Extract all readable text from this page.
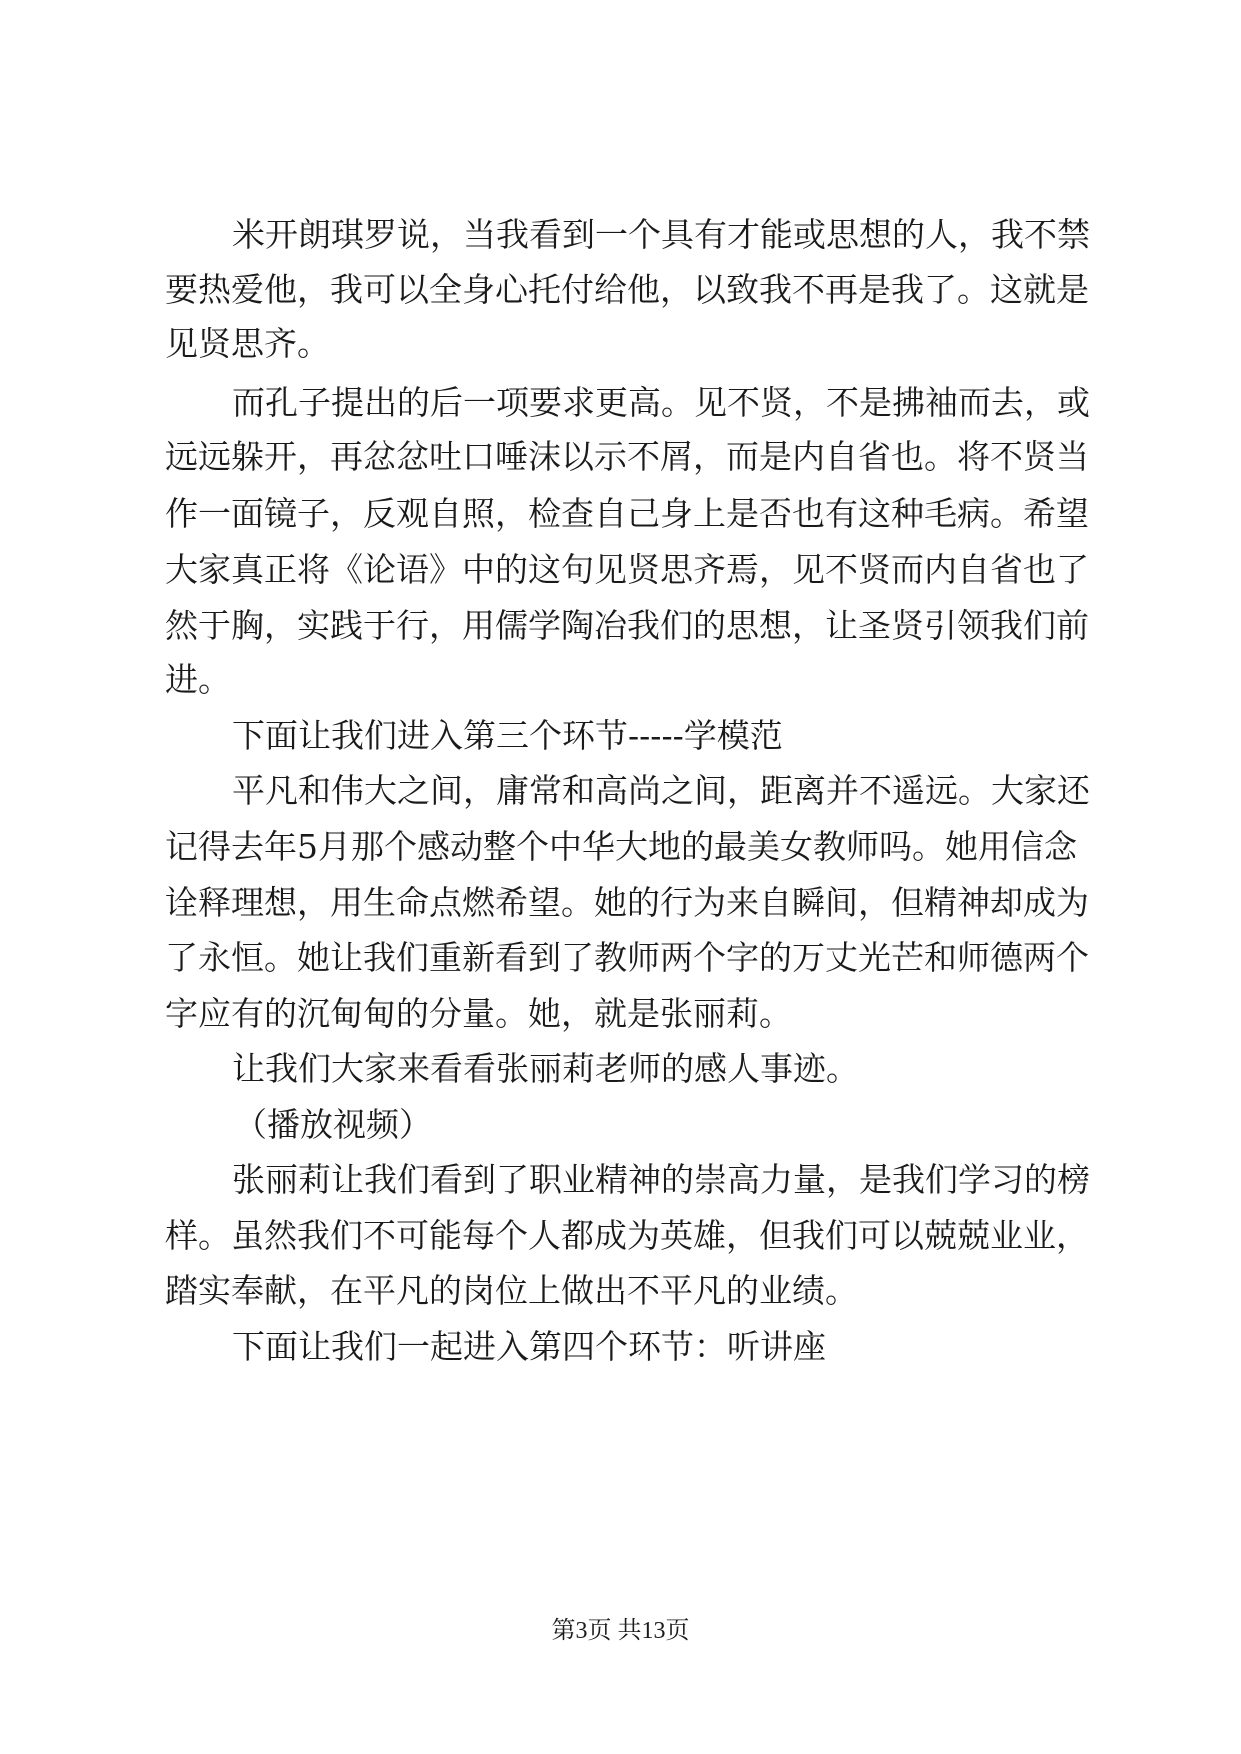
米开朗琪罗说，当我看到一个具有才能或思想的人，我不禁

要热爱他，我可以全身心托付给他，以致我不再是我了。这就是

见贤思齐。

而孔子提出的后一项要求更高。见不贤，不是拂袖而去，或

远远躲开，再忿忿吐口唾沫以示不屑，而是内自省也。将不贤当

作一面镜子，反观自照，检查自己身上是否也有这种毛病。希望

大家真正将《论语》中的这句见贤思齐焉，见不贤而内自省也了

然于胸，实践于行，用儒学陶冶我们的思想，让圣贤引领我们前

进。

下面让我们进入第三个环节-----学模范

平凡和伟大之间，庸常和高尚之间，距离并不遥远。大家还

记得去年5月那个感动整个中华大地的最美女教师吗。她用信念

诠释理想，用生命点燃希望。她的行为来自瞬间，但精神却成为

了永恒。她让我们重新看到了教师两个字的万丈光芒和师德两个

字应有的沉甸甸的分量。她，就是张丽莉。

让我们大家来看看张丽莉老师的感人事迹。

（播放视频）

张丽莉让我们看到了职业精神的崇高力量，是我们学习的榜

样。虽然我们不可能每个人都成为英雄，但我们可以兢兢业业，

踏实奉献，在平凡的岗位上做出不平凡的业绩。

下面让我们一起进入第四个环节：听讲座

第3页 共13页
